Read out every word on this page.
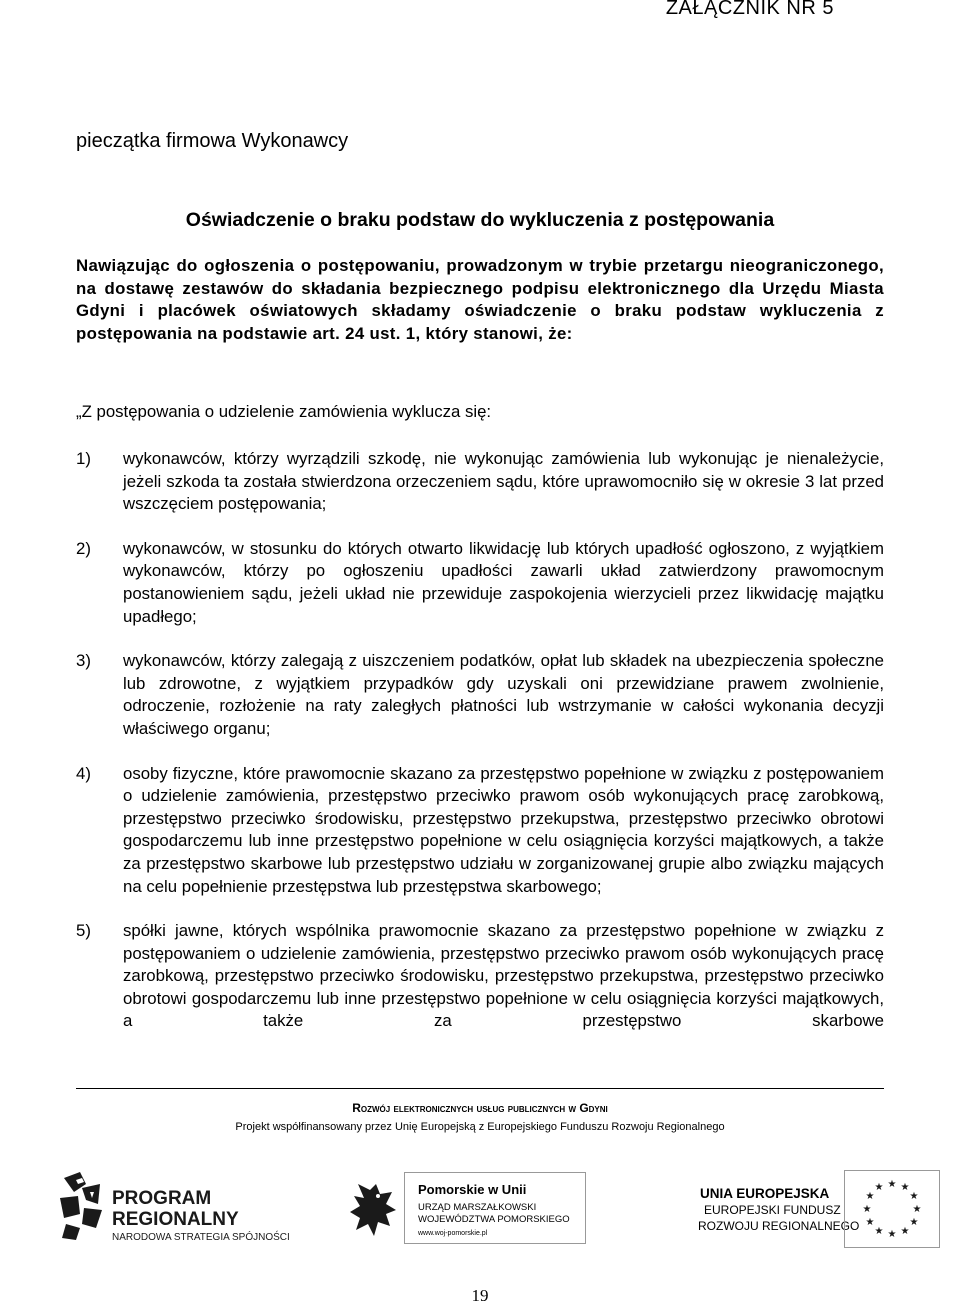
ZAŁĄCZNIK NR 5
pieczątka firmowa Wykonawcy
Oświadczenie o braku podstaw do wykluczenia z postępowania
Nawiązując do ogłoszenia o postępowaniu, prowadzonym w trybie przetargu nieograniczonego, na dostawę zestawów do składania bezpiecznego podpisu elektronicznego dla Urzędu Miasta Gdyni i placówek oświatowych składamy oświadczenie o braku podstaw wykluczenia z postępowania na podstawie art. 24 ust. 1, który stanowi, że:
„Z postępowania o udzielenie zamówienia wyklucza się:
1)	wykonawców, którzy wyrządzili szkodę, nie wykonując zamówienia lub wykonując je nienależycie, jeżeli szkoda ta została stwierdzona orzeczeniem sądu, które uprawomocniło się w okresie 3 lat przed wszczęciem postępowania;
2)	wykonawców, w stosunku do których otwarto likwidację lub których upadłość ogłoszono, z wyjątkiem wykonawców, którzy po ogłoszeniu upadłości zawarli układ zatwierdzony prawomocnym postanowieniem sądu, jeżeli układ nie przewiduje zaspokojenia wierzycieli przez likwidację majątku upadłego;
3)	wykonawców, którzy zalegają z uiszczeniem podatków, opłat lub składek na ubezpieczenia społeczne lub zdrowotne, z wyjątkiem przypadków gdy uzyskali oni przewidziane prawem zwolnienie, odroczenie, rozłożenie na raty zaległych płatności lub wstrzymanie w całości wykonania decyzji właściwego organu;
4)	osoby fizyczne, które prawomocnie skazano za przestępstwo popełnione w związku z postępowaniem o udzielenie zamówienia, przestępstwo przeciwko prawom osób wykonujących pracę zarobkową, przestępstwo przeciwko środowisku, przestępstwo przekupstwa, przestępstwo przeciwko obrotowi gospodarczemu lub inne przestępstwo popełnione w celu osiągnięcia korzyści majątkowych, a także za przestępstwo skarbowe lub przestępstwo udziału w zorganizowanej grupie albo związku mających na celu popełnienie przestępstwa lub przestępstwa skarbowego;
5)	spółki jawne, których wspólnika prawomocnie skazano za przestępstwo popełnione w związku z postępowaniem o udzielenie zamówienia, przestępstwo przeciwko prawom osób wykonujących pracę zarobkową, przestępstwo przeciwko środowisku, przestępstwo przekupstwa, przestępstwo przeciwko obrotowi gospodarczemu lub inne przestępstwo popełnione w celu osiągnięcia korzyści majątkowych, a także za przestępstwo skarbowe
Rozwój elektronicznych usług publicznych w Gdyni
Projekt współfinansowany przez Unię Europejską z Europejskiego Funduszu Rozwoju Regionalnego
PROGRAM
REGIONALNY
NARODOWA STRATEGIA SPÓJNOŚCI
Pomorskie w Unii
URZĄD MARSZAŁKOWSKI
WOJEWÓDZTWA POMORSKIEGO
www.woj-pomorskie.pl
UNIA EUROPEJSKA
EUROPEJSKI FUNDUSZ
ROZWOJU REGIONALNEGO
★ ★
★
★
★
★
★
★
★
★
★
★
19
